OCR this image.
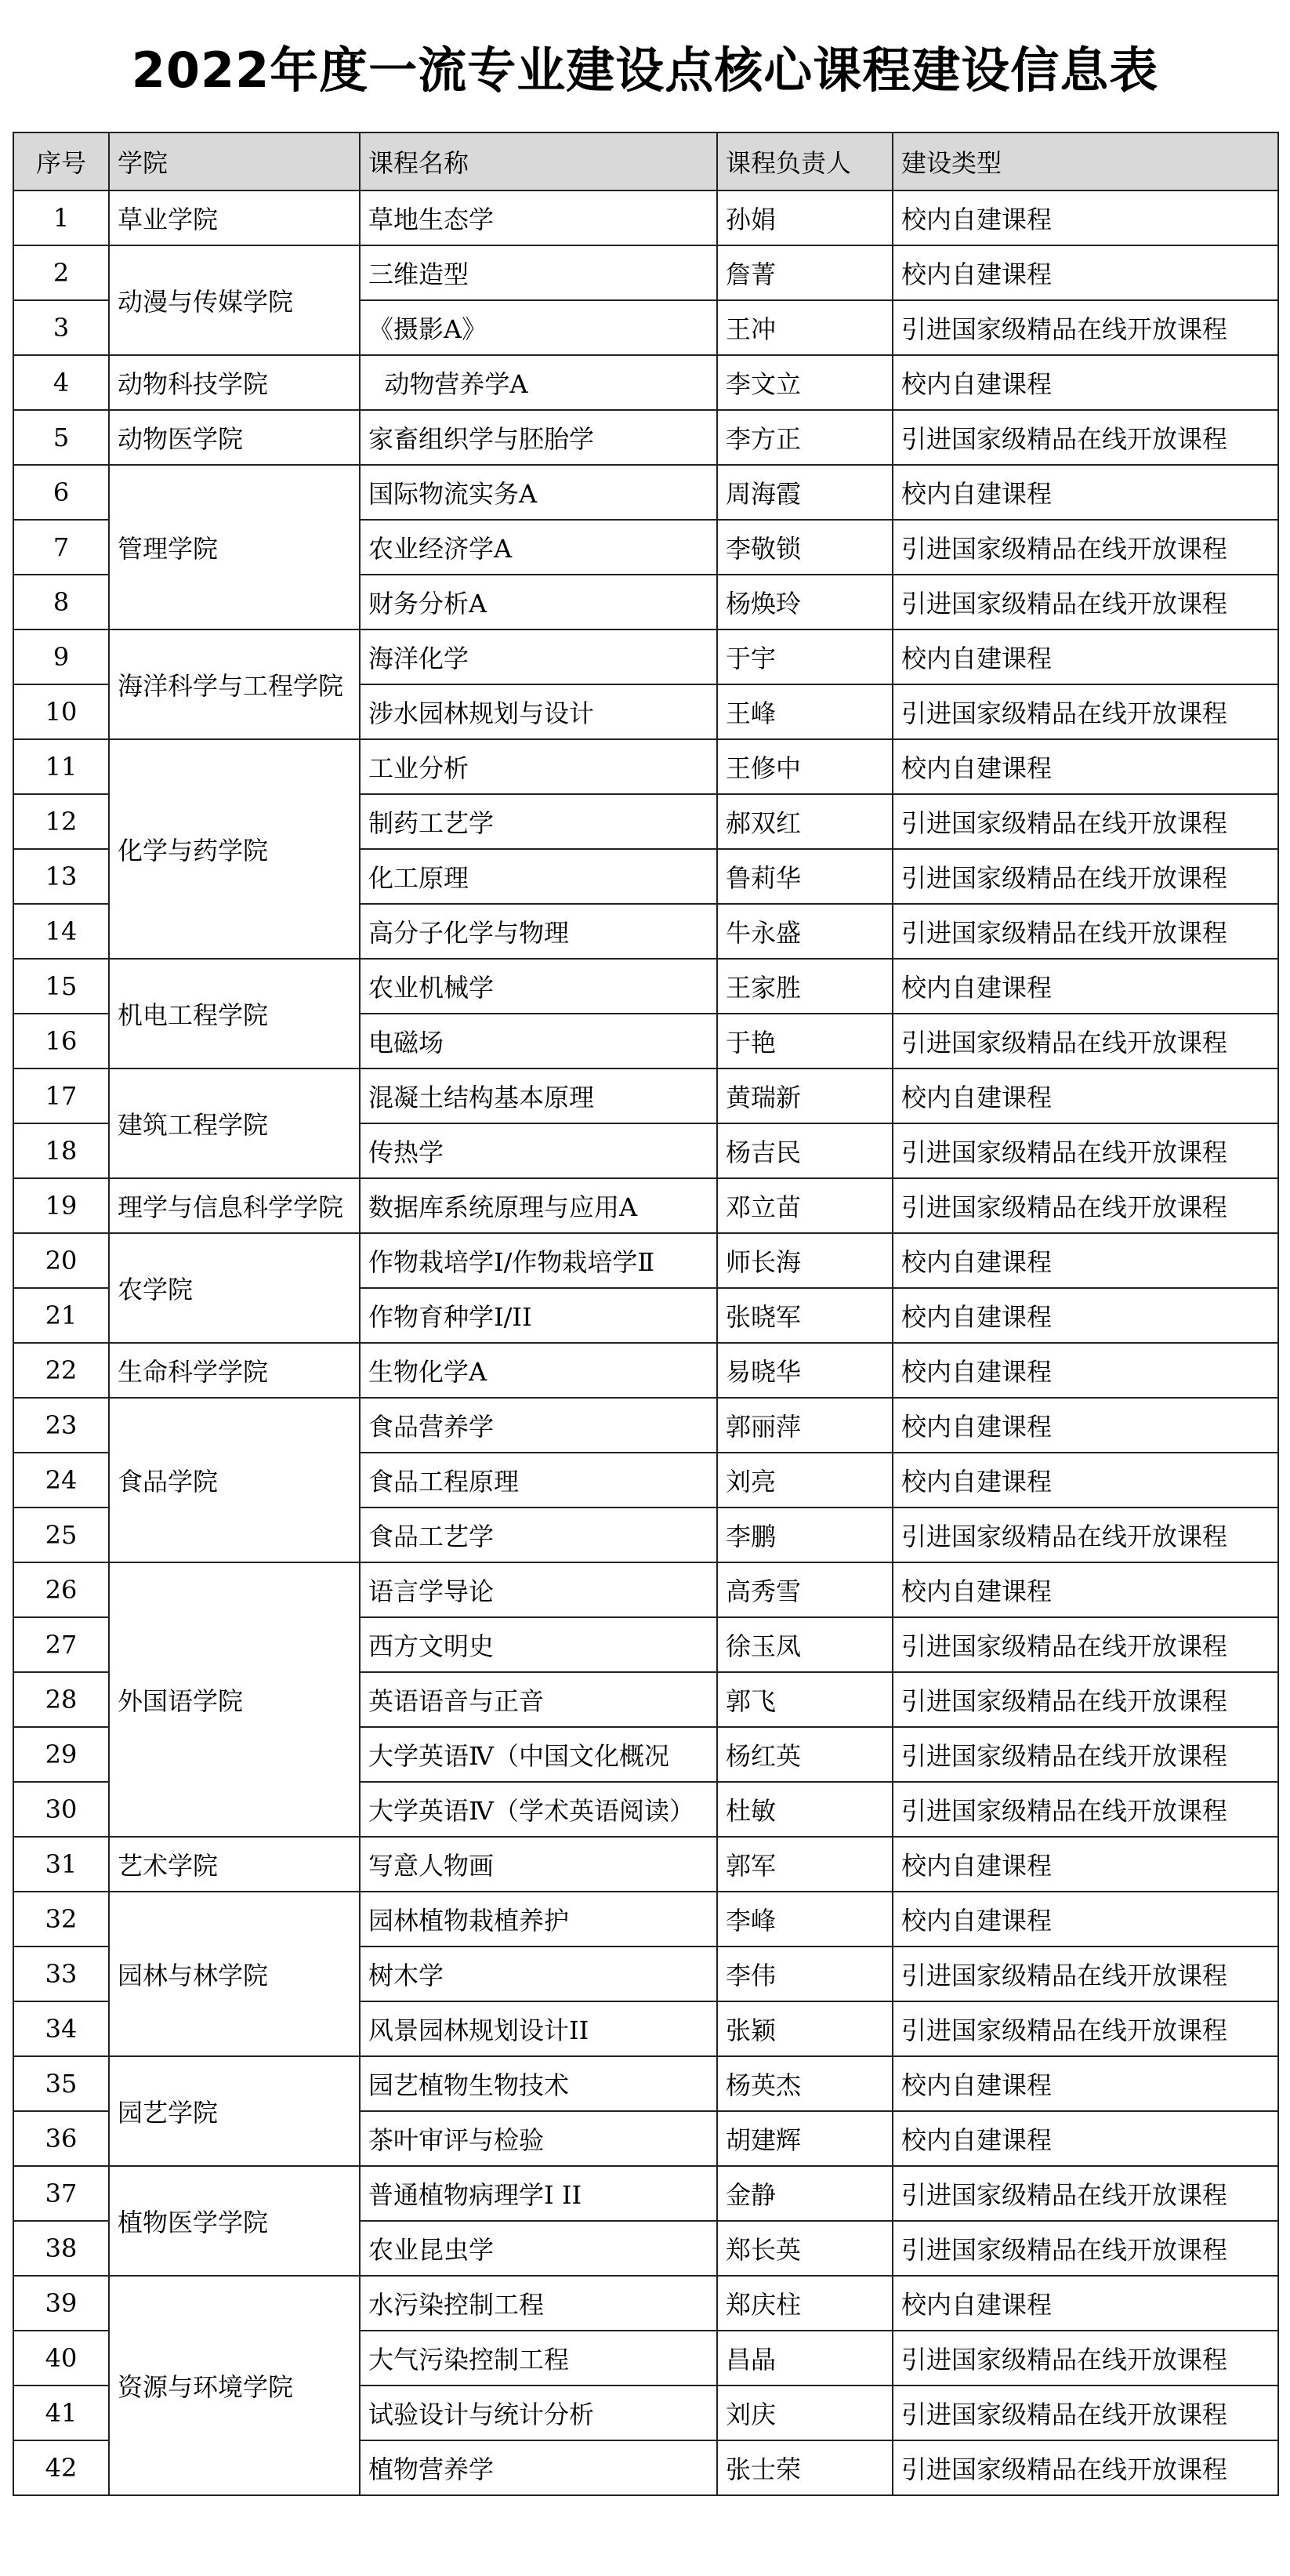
2022年度一流专业建设点核心课程建设信息表
序号	学院	课程名称	课程负责人	建设类型
1	草业学院	草地生态学	孙娟	校内自建课程
2	动漫与传媒学院	三维造型	詹菁	校内自建课程
3		《摄影A》	王冲	引进国家级精品在线开放课程
4	动物科技学院	动物营养学A	李文立	校内自建课程
5	动物医学院	家畜组织学与胚胎学	李方正	引进国家级精品在线开放课程
6	管理学院	国际物流实务A	周海霞	校内自建课程
7		农业经济学A	李敬锁	引进国家级精品在线开放课程
8		财务分析A	杨焕玲	引进国家级精品在线开放课程
9	海洋科学与工程学院	海洋化学	于宇	校内自建课程
10		涉水园林规划与设计	王峰	引进国家级精品在线开放课程
11	化学与药学院	工业分析	王修中	校内自建课程
12		制药工艺学	郝双红	引进国家级精品在线开放课程
13		化工原理	鲁莉华	引进国家级精品在线开放课程
14		高分子化学与物理	牛永盛	引进国家级精品在线开放课程
15	机电工程学院	农业机械学	王家胜	校内自建课程
16		电磁场	于艳	引进国家级精品在线开放课程
17	建筑工程学院	混凝土结构基本原理	黄瑞新	校内自建课程
18		传热学	杨吉民	引进国家级精品在线开放课程
19	理学与信息科学学院	数据库系统原理与应用A	邓立苗	引进国家级精品在线开放课程
20	农学院	作物栽培学Ⅰ/作物栽培学Ⅱ	师长海	校内自建课程
21		作物育种学I/II	张晓军	校内自建课程
22	生命科学学院	生物化学A	易晓华	校内自建课程
23	食品学院	食品营养学	郭丽萍	校内自建课程
24		食品工程原理	刘亮	校内自建课程
25		食品工艺学	李鹏	引进国家级精品在线开放课程
26	外国语学院	语言学导论	高秀雪	校内自建课程
27		西方文明史	徐玉凤	引进国家级精品在线开放课程
28		英语语音与正音	郭飞	引进国家级精品在线开放课程
29		大学英语Ⅳ（中国文化概况	杨红英	引进国家级精品在线开放课程
30		大学英语Ⅳ（学术英语阅读）	杜敏	引进国家级精品在线开放课程
31	艺术学院	写意人物画	郭军	校内自建课程
32	园林与林学院	园林植物栽植养护	李峰	校内自建课程
33		树木学	李伟	引进国家级精品在线开放课程
34		风景园林规划设计II	张颖	引进国家级精品在线开放课程
35	园艺学院	园艺植物生物技术	杨英杰	校内自建课程
36		茶叶审评与检验	胡建辉	校内自建课程
37	植物医学学院	普通植物病理学I II	金静	引进国家级精品在线开放课程
38		农业昆虫学	郑长英	引进国家级精品在线开放课程
39	资源与环境学院	水污染控制工程	郑庆柱	校内自建课程
40		大气污染控制工程	昌晶	引进国家级精品在线开放课程
41		试验设计与统计分析	刘庆	引进国家级精品在线开放课程
42		植物营养学	张士荣	引进国家级精品在线开放课程
